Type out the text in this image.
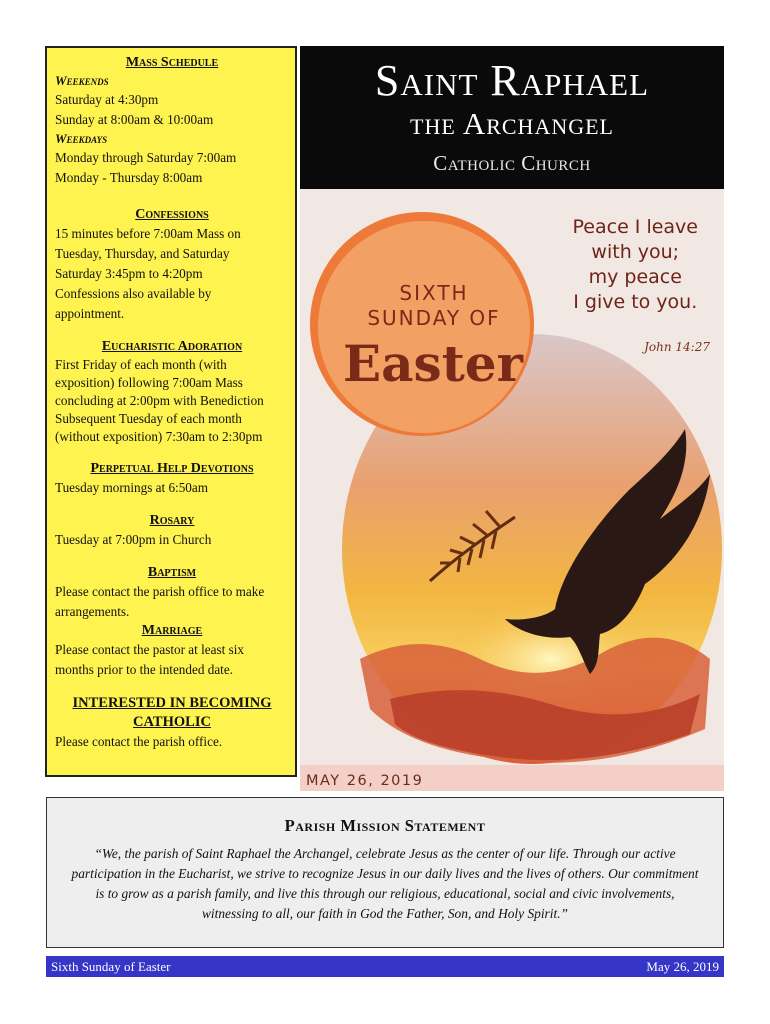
Mass Schedule
Weekends
Saturday at 4:30pm
Sunday at 8:00am & 10:00am
Weekdays
Monday through Saturday 7:00am
Monday - Thursday 8:00am
Confessions
15 minutes before 7:00am Mass on
Tuesday, Thursday, and Saturday
Saturday 3:45pm to 4:20pm
Confessions also available by
appointment.
Eucharistic Adoration
First Friday of each month (with
exposition) following 7:00am Mass
concluding at 2:00pm with Benediction
Subsequent Tuesday of each month
(without exposition) 7:30am to 2:30pm
Perpetual Help Devotions
Tuesday mornings at 6:50am
Rosary
Tuesday at 7:00pm in Church
Baptism
Please contact the parish office to make
arrangements.
Marriage
Please contact the pastor at least six
months prior to the intended date.
INTERESTED IN BECOMING
CATHOLIC
Please contact the parish office.
Saint Raphael
the Archangel
Catholic Church
SIXTH
SUNDAY OF
Easter
Peace I leave
with you;
my peace
I give to you.
John 14:27
MAY 26, 2019
Parish Mission Statement
“We, the parish of Saint Raphael the Archangel, celebrate Jesus as the center of our life. Through our active participation in the Eucharist, we strive to recognize Jesus in our daily lives and the lives of others. Our commitment is to grow as a parish family, and live this through our religious, educational, social and civic involvements, witnessing to all, our faith in God the Father, Son, and Holy Spirit.”
Sixth Sunday of Easter	May 26, 2019
